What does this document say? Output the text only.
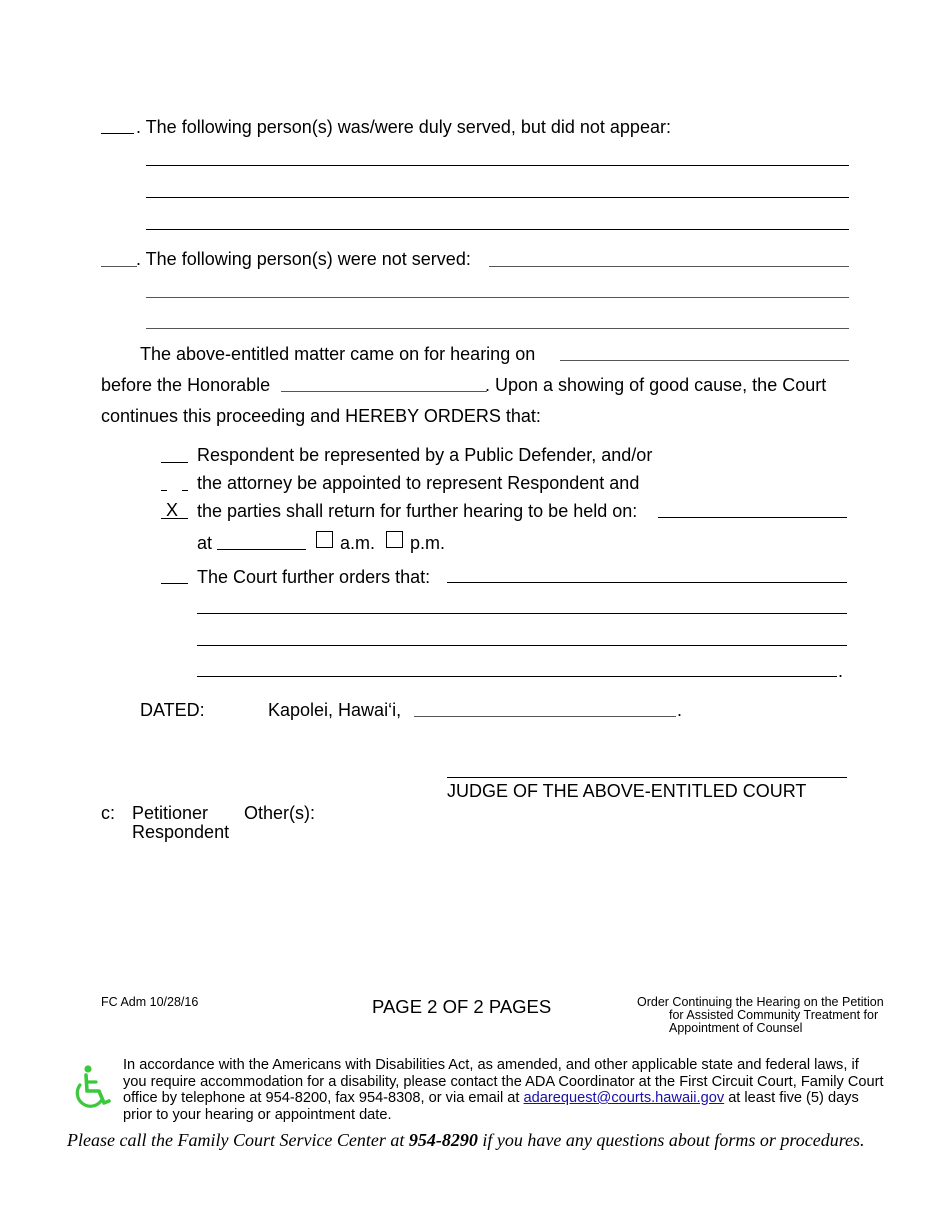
. The following person(s) was/were duly served, but did not appear:
. The following person(s) were not served:
The above-entitled matter came on for hearing on
before the Honorable	. Upon a showing of good cause, the Court
continues this proceeding and HEREBY ORDERS that:
Respondent be represented by a Public Defender, and/or
the attorney be appointed to represent Respondent and
X the parties shall return for further hearing to be held on:
at	a.m. p.m.
The Court further orders that:
.
DATED:	Kapolei, Hawai‘i,	.
JUDGE OF THE ABOVE-ENTITLED COURT
c: Petitioner
Respondent
Other(s):
FC Adm 10/28/16	PAGE 2 OF 2 PAGES	Order Continuing the Hearing on the Petition
for Assisted Community Treatment for
Appointment of Counsel
In accordance with the Americans with Disabilities Act, as amended, and other applicable state and federal laws, if you require accommodation for a disability, please contact the ADA Coordinator at the First Circuit Court, Family Court office by telephone at 954-8200, fax 954-8308, or via email at adarequest@courts.hawaii.gov at least five (5) days prior to your hearing or appointment date.
Please call the Family Court Service Center at 954-8290 if you have any questions about forms or procedures.
